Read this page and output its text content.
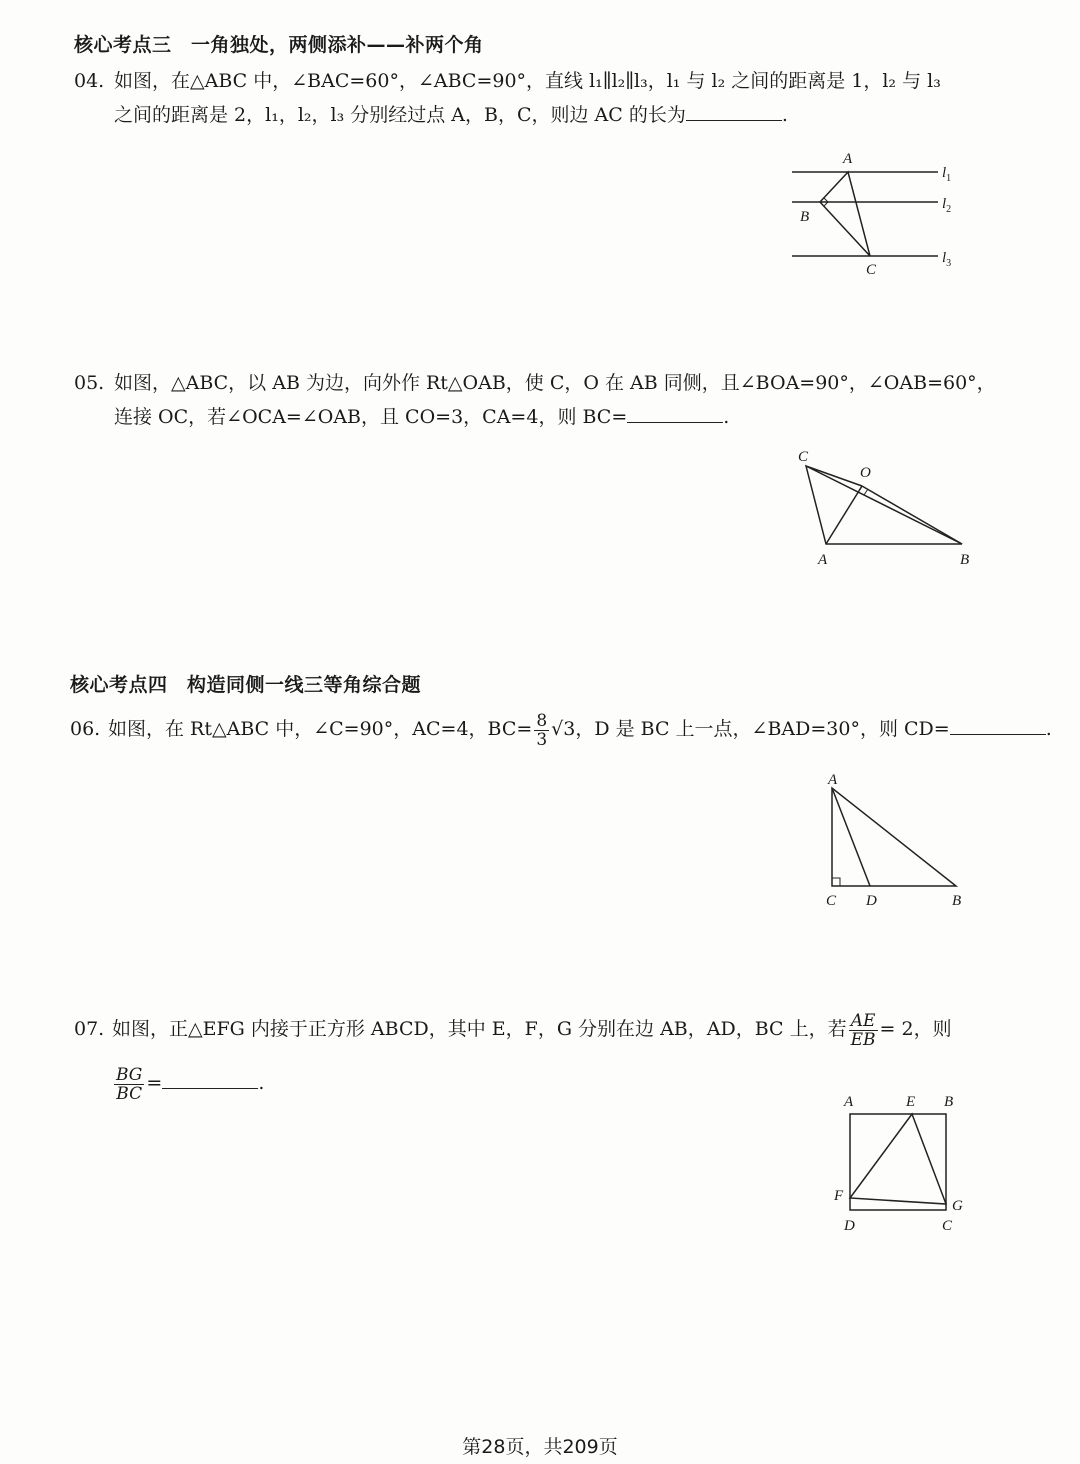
核心考点三　一角独处，两侧添补——补两个角
04. 如图，在△ABC 中，∠BAC=60°，∠ABC=90°，直线 l₁∥l₂∥l₃，l₁ 与 l₂ 之间的距离是 1，l₂ 与 l₃
之间的距离是 2，l₁，l₂，l₃ 分别经过点 A，B，C，则边 AC 的长为	.
A
B
C
$l_1$
$l_2$
$l_3$
05. 如图，△ABC，以 AB 为边，向外作 Rt△OAB，使 C，O 在 AB 同侧，且∠BOA=90°，∠OAB=60°，
连接 OC，若∠OCA=∠OAB，且 CO=3，CA=4，则 BC=	.
C
O
A	B
核心考点四　构造同侧一线三等角综合题
06. 如图，在 Rt△ABC 中，∠C=90°，AC=4，$BC= \frac{8}{3} √3$，D 是 BC 上一点，∠BAD=30°，则 CD=	.
A
C D	B
07. 如图，正△EFG 内接于正方形 ABCD，其中 E，F，G 分别在边 AB，AD，BC 上，若 $\frac{AE}{EB} = 2$，则
$\frac{BG}{BC}$ =	.
A	E B
F
G
D	C
第28页，共209页
